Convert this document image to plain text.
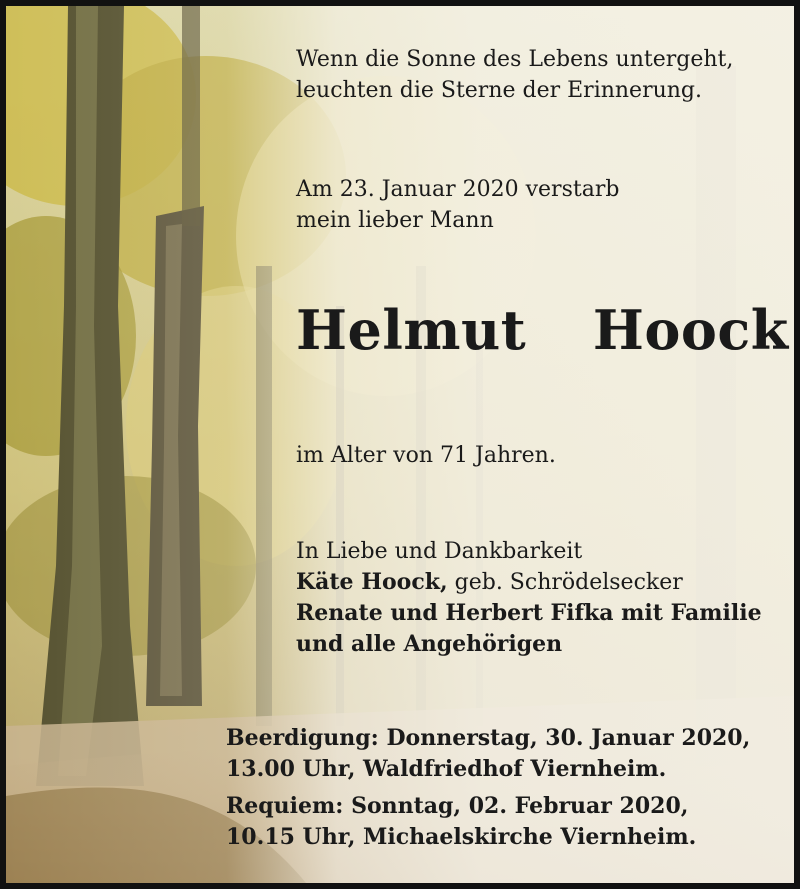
Wenn die Sonne des Lebens untergeht,
leuchten die Sterne der Erinnerung.

Am 23. Januar 2020 verstarb
mein lieber Mann

Helmut  Hoock

im Alter von 71 Jahren.

In Liebe und Dankbarkeit
Käte Hoock, geb. Schrödelsecker
Renate und Herbert Fifka mit Familie
und alle Angehörigen

Beerdigung: Donnerstag, 30. Januar 2020,
13.00 Uhr, Waldfriedhof Viernheim.
Requiem: Sonntag, 02. Februar 2020,
10.15 Uhr, Michaelskirche Viernheim.
